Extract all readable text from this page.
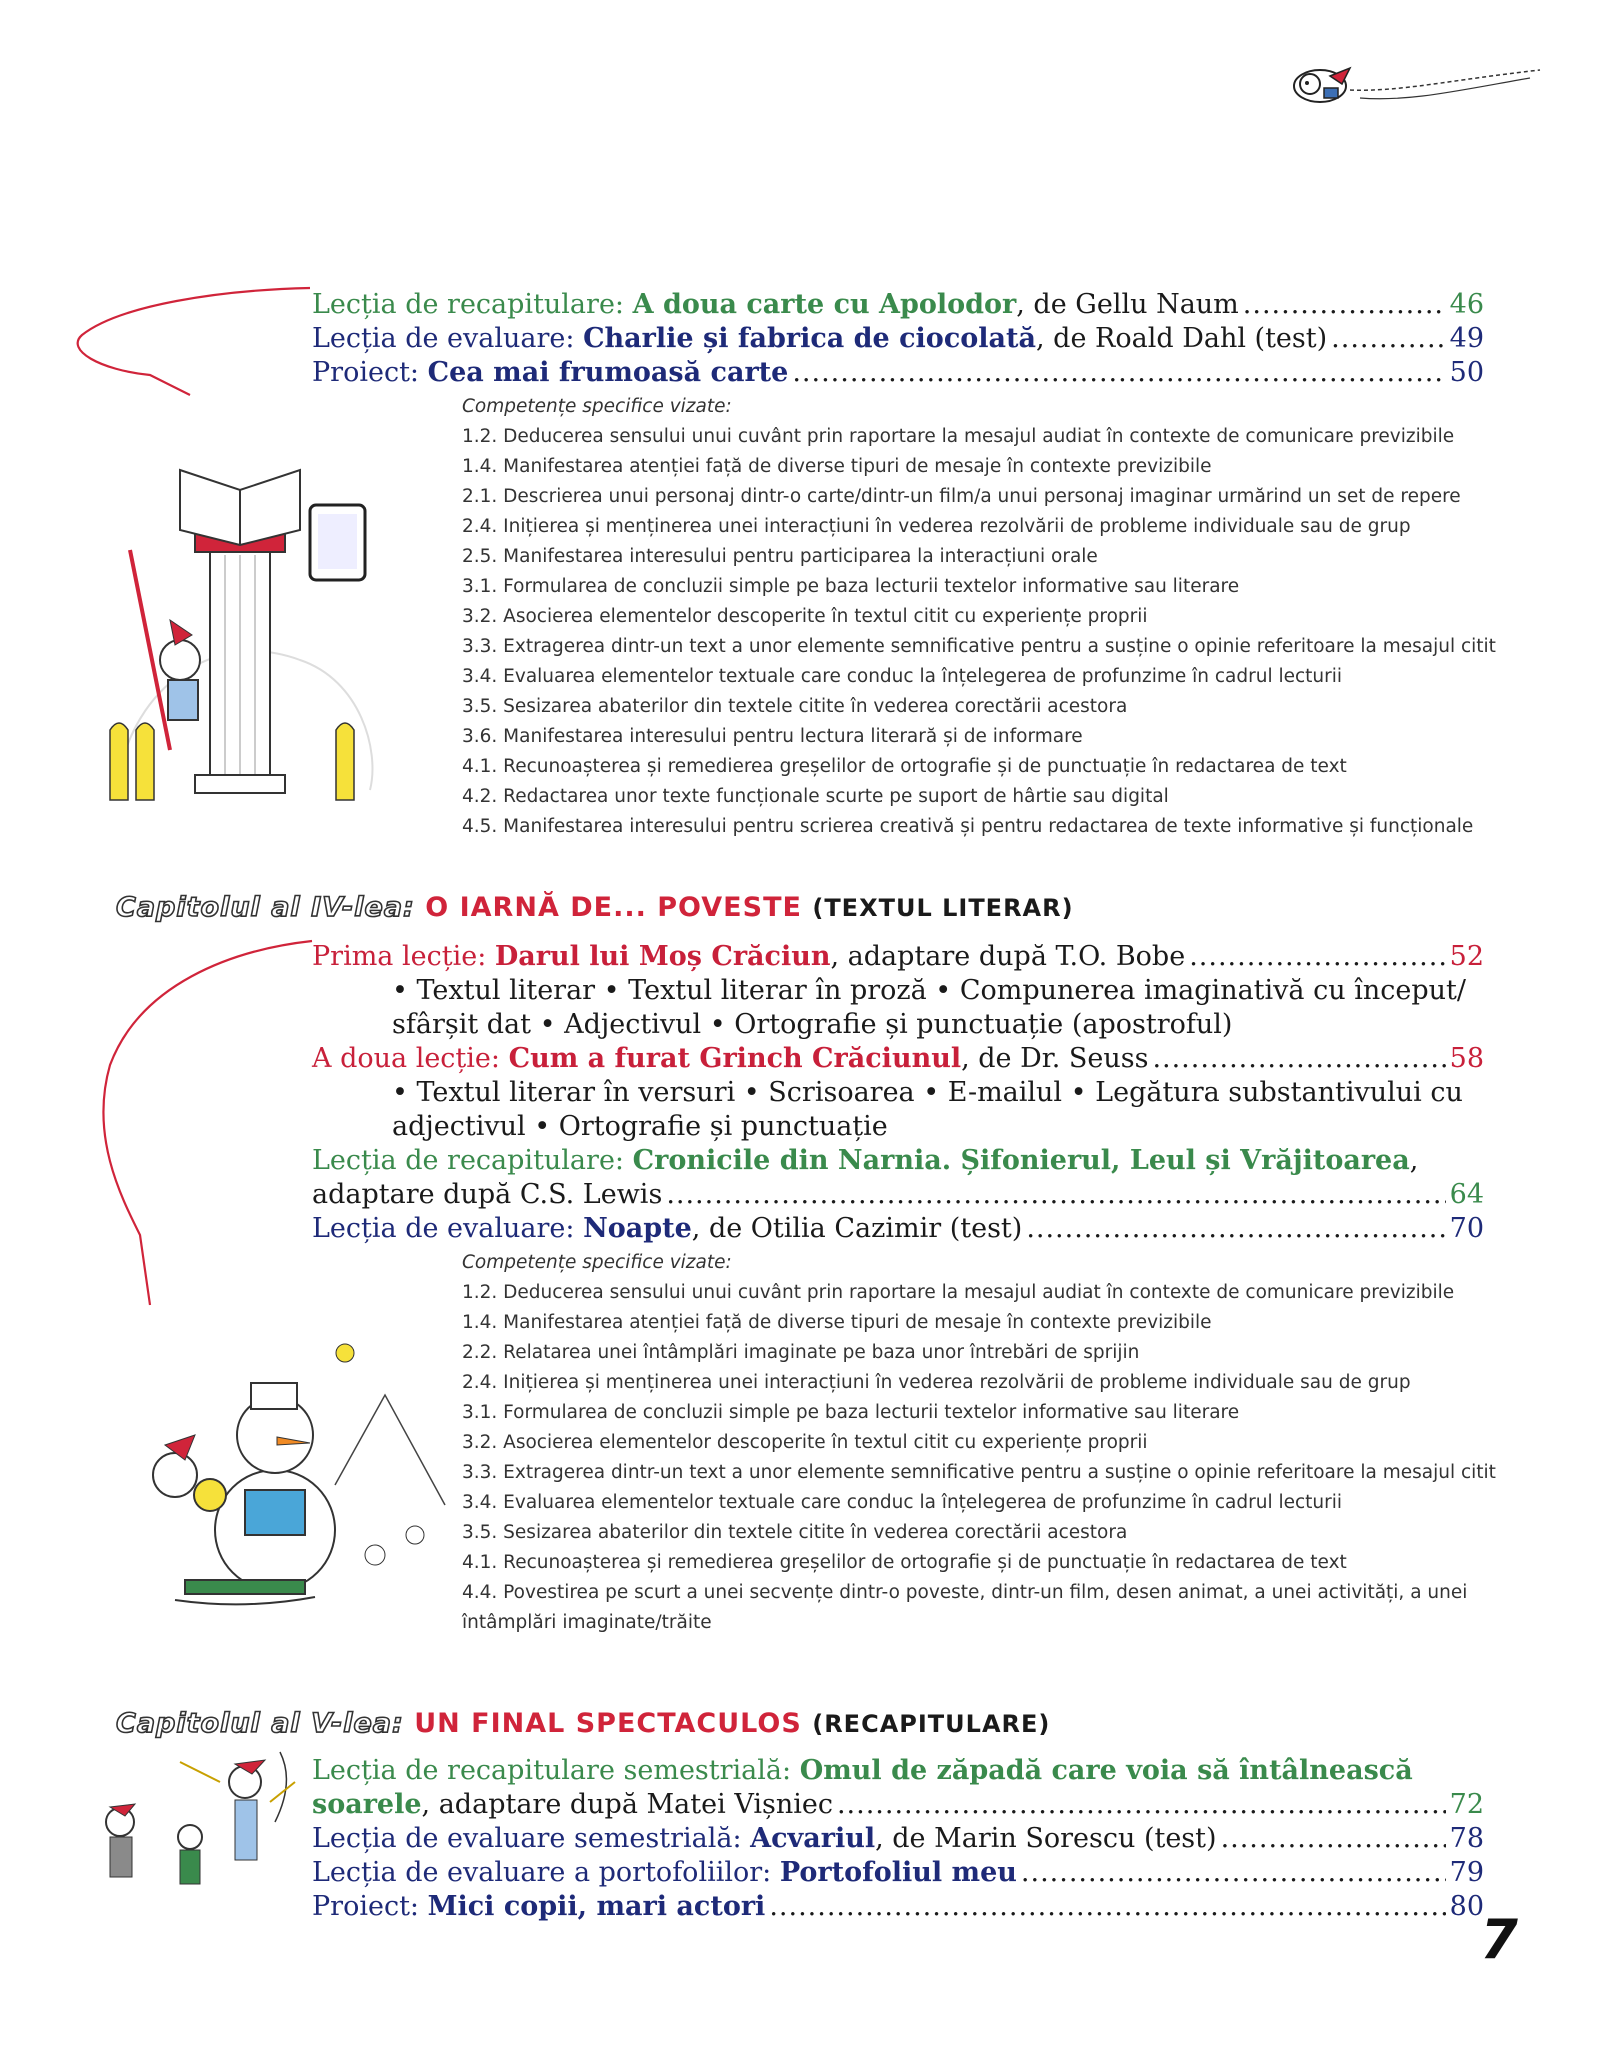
Lecția de recapitulare: A doua carte cu Apolodor, de Gellu Naum .....	46
Lecția de evaluare: Charlie și fabrica de ciocolată, de Roald Dahl (test) .....	49
Proiect: Cea mai frumoasă carte .....	50
Competențe specifice vizate:
1.2. Deducerea sensului unui cuvânt prin raportare la mesajul audiat în contexte de comunicare previzibile
1.4. Manifestarea atenției față de diverse tipuri de mesaje în contexte previzibile
2.1. Descrierea unui personaj dintr-o carte/dintr-un film/a unui personaj imaginar urmărind un set de repere
2.4. Inițierea și menținerea unei interacțiuni în vederea rezolvării de probleme individuale sau de grup
2.5. Manifestarea interesului pentru participarea la interacțiuni orale
3.1. Formularea de concluzii simple pe baza lecturii textelor informative sau literare
3.2. Asocierea elementelor descoperite în textul citit cu experiențe proprii
3.3. Extragerea dintr-un text a unor elemente semnificative pentru a susține o opinie referitoare la mesajul citit
3.4. Evaluarea elementelor textuale care conduc la înțelegerea de profunzime în cadrul lecturii
3.5. Sesizarea abaterilor din textele citite în vederea corectării acestora
3.6. Manifestarea interesului pentru lectura literară și de informare
4.1. Recunoașterea și remedierea greșelilor de ortografie și de punctuație în redactarea de text
4.2. Redactarea unor texte funcționale scurte pe suport de hârtie sau digital
4.5. Manifestarea interesului pentru scrierea creativă și pentru redactarea de texte informative și funcționale
Capitolul al IV-lea: O IARNĂ DE... POVESTE (TEXTUL LITERAR)
Prima lecție: Darul lui Moș Crăciun, adaptare după T.O. Bobe .....	52
• Textul literar • Textul literar în proză • Compunerea imaginativă cu început/
sfârșit dat • Adjectivul • Ortografie și punctuație (apostroful)
A doua lecție: Cum a furat Grinch Crăciunul, de Dr. Seuss .....	58
• Textul literar în versuri • Scrisoarea • E-mailul • Legătura substantivului cu
adjectivul • Ortografie și punctuație
Lecția de recapitulare: Cronicile din Narnia. Șifonierul, Leul și Vrăjitoarea,
adaptare după C.S. Lewis .....	64
Lecția de evaluare: Noapte, de Otilia Cazimir (test) .....	70
Competențe specifice vizate:
1.2. Deducerea sensului unui cuvânt prin raportare la mesajul audiat în contexte de comunicare previzibile
1.4. Manifestarea atenției față de diverse tipuri de mesaje în contexte previzibile
2.2. Relatarea unei întâmplări imaginate pe baza unor întrebări de sprijin
2.4. Inițierea și menținerea unei interacțiuni în vederea rezolvării de probleme individuale sau de grup
3.1. Formularea de concluzii simple pe baza lecturii textelor informative sau literare
3.2. Asocierea elementelor descoperite în textul citit cu experiențe proprii
3.3. Extragerea dintr-un text a unor elemente semnificative pentru a susține o opinie referitoare la mesajul citit
3.4. Evaluarea elementelor textuale care conduc la înțelegerea de profunzime în cadrul lecturii
3.5. Sesizarea abaterilor din textele citite în vederea corectării acestora
4.1. Recunoașterea și remedierea greșelilor de ortografie și de punctuație în redactarea de text
4.4. Povestirea pe scurt a unei secvențe dintr-o poveste, dintr-un film, desen animat, a unei activități, a unei întâmplări imaginate/trăite
Capitolul al V-lea: UN FINAL SPECTACULOS (RECAPITULARE)
Lecția de recapitulare semestrială: Omul de zăpadă care voia să întâlnească
soarele, adaptare după Matei Vișniec .....	72
Lecția de evaluare semestrială: Acvariul, de Marin Sorescu (test) .....	78
Lecția de evaluare a portofoliilor: Portofoliul meu .....	79
Proiect: Mici copii, mari actori .....	80
7
